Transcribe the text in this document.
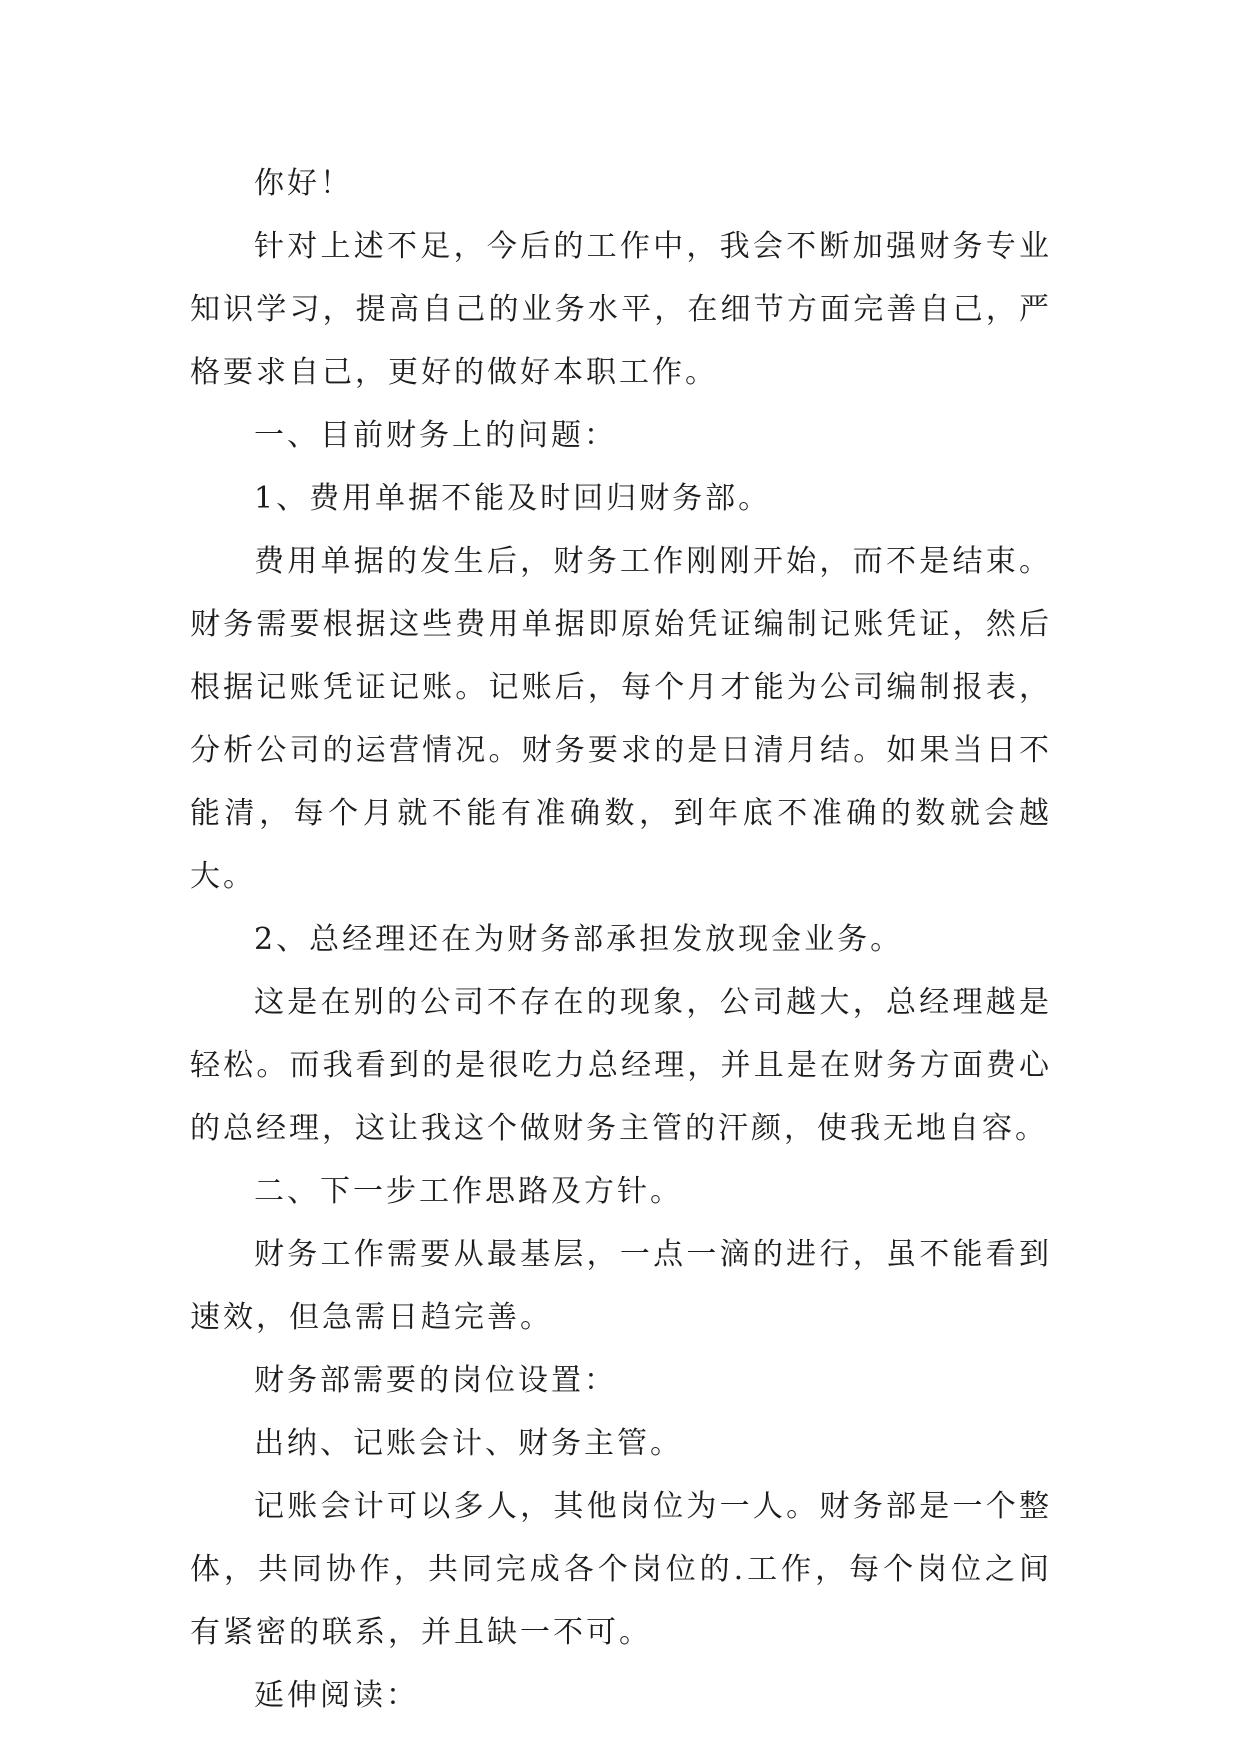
你好！

针对上述不足，今后的工作中，我会不断加强财务专业知识学习，提高自己的业务水平，在细节方面完善自己，严格要求自己，更好的做好本职工作。

一、目前财务上的问题：

1、费用单据不能及时回归财务部。

费用单据的发生后，财务工作刚刚开始，而不是结束。财务需要根据这些费用单据即原始凭证编制记账凭证，然后根据记账凭证记账。记账后，每个月才能为公司编制报表，分析公司的运营情况。财务要求的是日清月结。如果当日不能清，每个月就不能有准确数，到年底不准确的数就会越大。

2、总经理还在为财务部承担发放现金业务。

这是在别的公司不存在的现象，公司越大，总经理越是轻松。而我看到的是很吃力总经理，并且是在财务方面费心的总经理，这让我这个做财务主管的汗颜，使我无地自容。

二、下一步工作思路及方针。

财务工作需要从最基层，一点一滴的进行，虽不能看到速效，但急需日趋完善。

财务部需要的岗位设置：

出纳、记账会计、财务主管。

记账会计可以多人，其他岗位为一人。财务部是一个整体，共同协作，共同完成各个岗位的.工作，每个岗位之间有紧密的联系，并且缺一不可。

延伸阅读：
